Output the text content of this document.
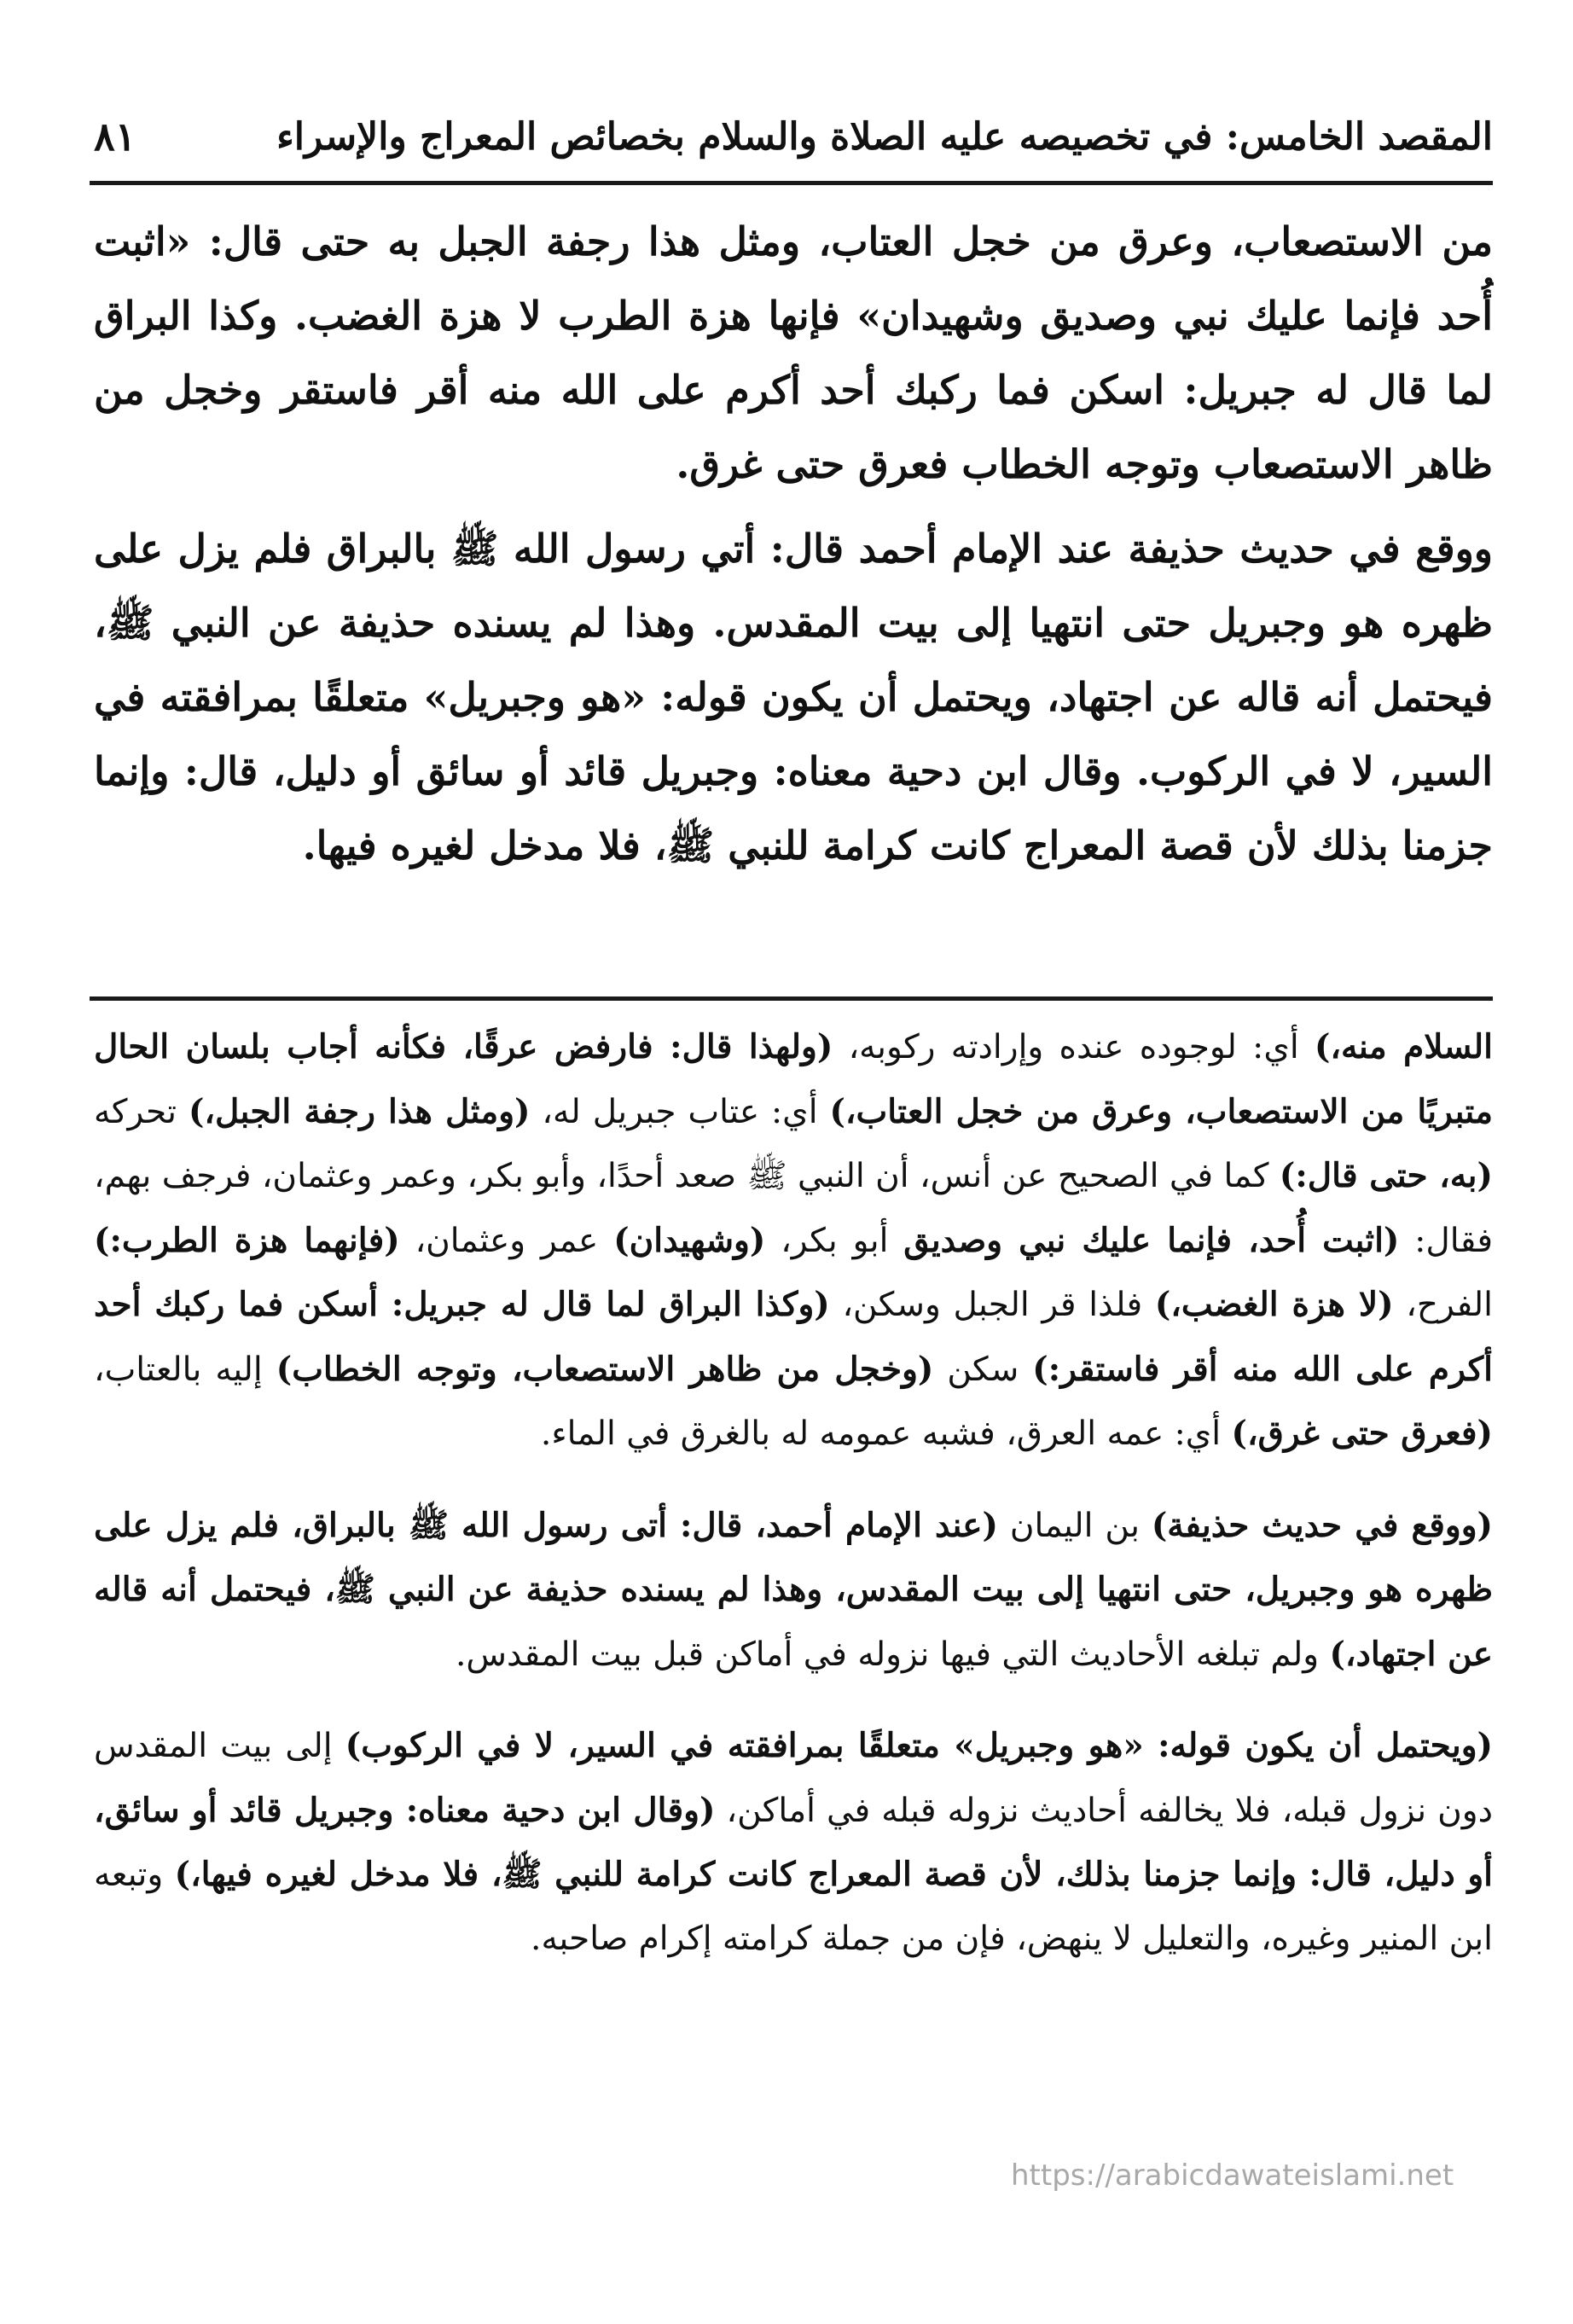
٨١	المقصد الخامس: في تخصيصه عليه الصلاة والسلام بخصائص المعراج والإسراء

من الاستصعاب، وعرق من خجل العتاب، ومثل هذا رجفة الجبل به حتى قال: «اثبت أُحد فإنما عليك نبي وصديق وشهيدان» فإنها هزة الطرب لا هزة الغضب. وكذا البراق لما قال له جبريل: اسكن فما ركبك أحد أكرم على الله منه أقر فاستقر وخجل من ظاهر الاستصعاب وتوجه الخطاب فعرق حتى غرق.

ووقع في حديث حذيفة عند الإمام أحمد قال: أتي رسول الله ﷺ بالبراق فلم يزل على ظهره هو وجبريل حتى انتهيا إلى بيت المقدس. وهذا لم يسنده حذيفة عن النبي ﷺ، فيحتمل أنه قاله عن اجتهاد، ويحتمل أن يكون قوله: «هو وجبريل» متعلقًا بمرافقته في السير، لا في الركوب. وقال ابن دحية معناه: وجبريل قائد أو سائق أو دليل، قال: وإنما جزمنا بذلك لأن قصة المعراج كانت كرامة للنبي ﷺ، فلا مدخل لغيره فيها.

السلام منه،) أي: لوجوده عنده وإرادته ركوبه، (ولهذا قال: فارفض عرقًا، فكأنه أجاب بلسان الحال متبريًا من الاستصعاب، وعرق من خجل العتاب،) أي: عتاب جبريل له، (ومثل هذا رجفة الجبل،) تحركه (به، حتى قال:) كما في الصحيح عن أنس، أن النبي ﷺ صعد أحدًا، وأبو بكر، وعمر وعثمان، فرجف بهم، فقال: (اثبت أُحد، فإنما عليك نبي وصديق أبو بكر، (وشهيدان) عمر وعثمان، (فإنهما هزة الطرب:) الفرح، (لا هزة الغضب،) فلذا قر الجبل وسكن، (وكذا البراق لما قال له جبريل: أسكن فما ركبك أحد أكرم على الله منه أقر فاستقر:) سكن (وخجل من ظاهر الاستصعاب، وتوجه الخطاب) إليه بالعتاب، (فعرق حتى غرق،) أي: عمه العرق، فشبه عمومه له بالغرق في الماء.

(ووقع في حديث حذيفة) بن اليمان (عند الإمام أحمد، قال: أتى رسول الله ﷺ بالبراق، فلم يزل على ظهره هو وجبريل، حتى انتهيا إلى بيت المقدس، وهذا لم يسنده حذيفة عن النبي ﷺ، فيحتمل أنه قاله عن اجتهاد،) ولم تبلغه الأحاديث التي فيها نزوله في أماكن قبل بيت المقدس.

(ويحتمل أن يكون قوله: «هو وجبريل» متعلقًا بمرافقته في السير، لا في الركوب) إلى بيت المقدس دون نزول قبله، فلا يخالفه أحاديث نزوله قبله في أماكن، (وقال ابن دحية معناه: وجبريل قائد أو سائق، أو دليل، قال: وإنما جزمنا بذلك، لأن قصة المعراج كانت كرامة للنبي ﷺ، فلا مدخل لغيره فيها،) وتبعه ابن المنير وغيره، والتعليل لا ينهض، فإن من جملة كرامته إكرام صاحبه.

https://arabicdawateislami.net
